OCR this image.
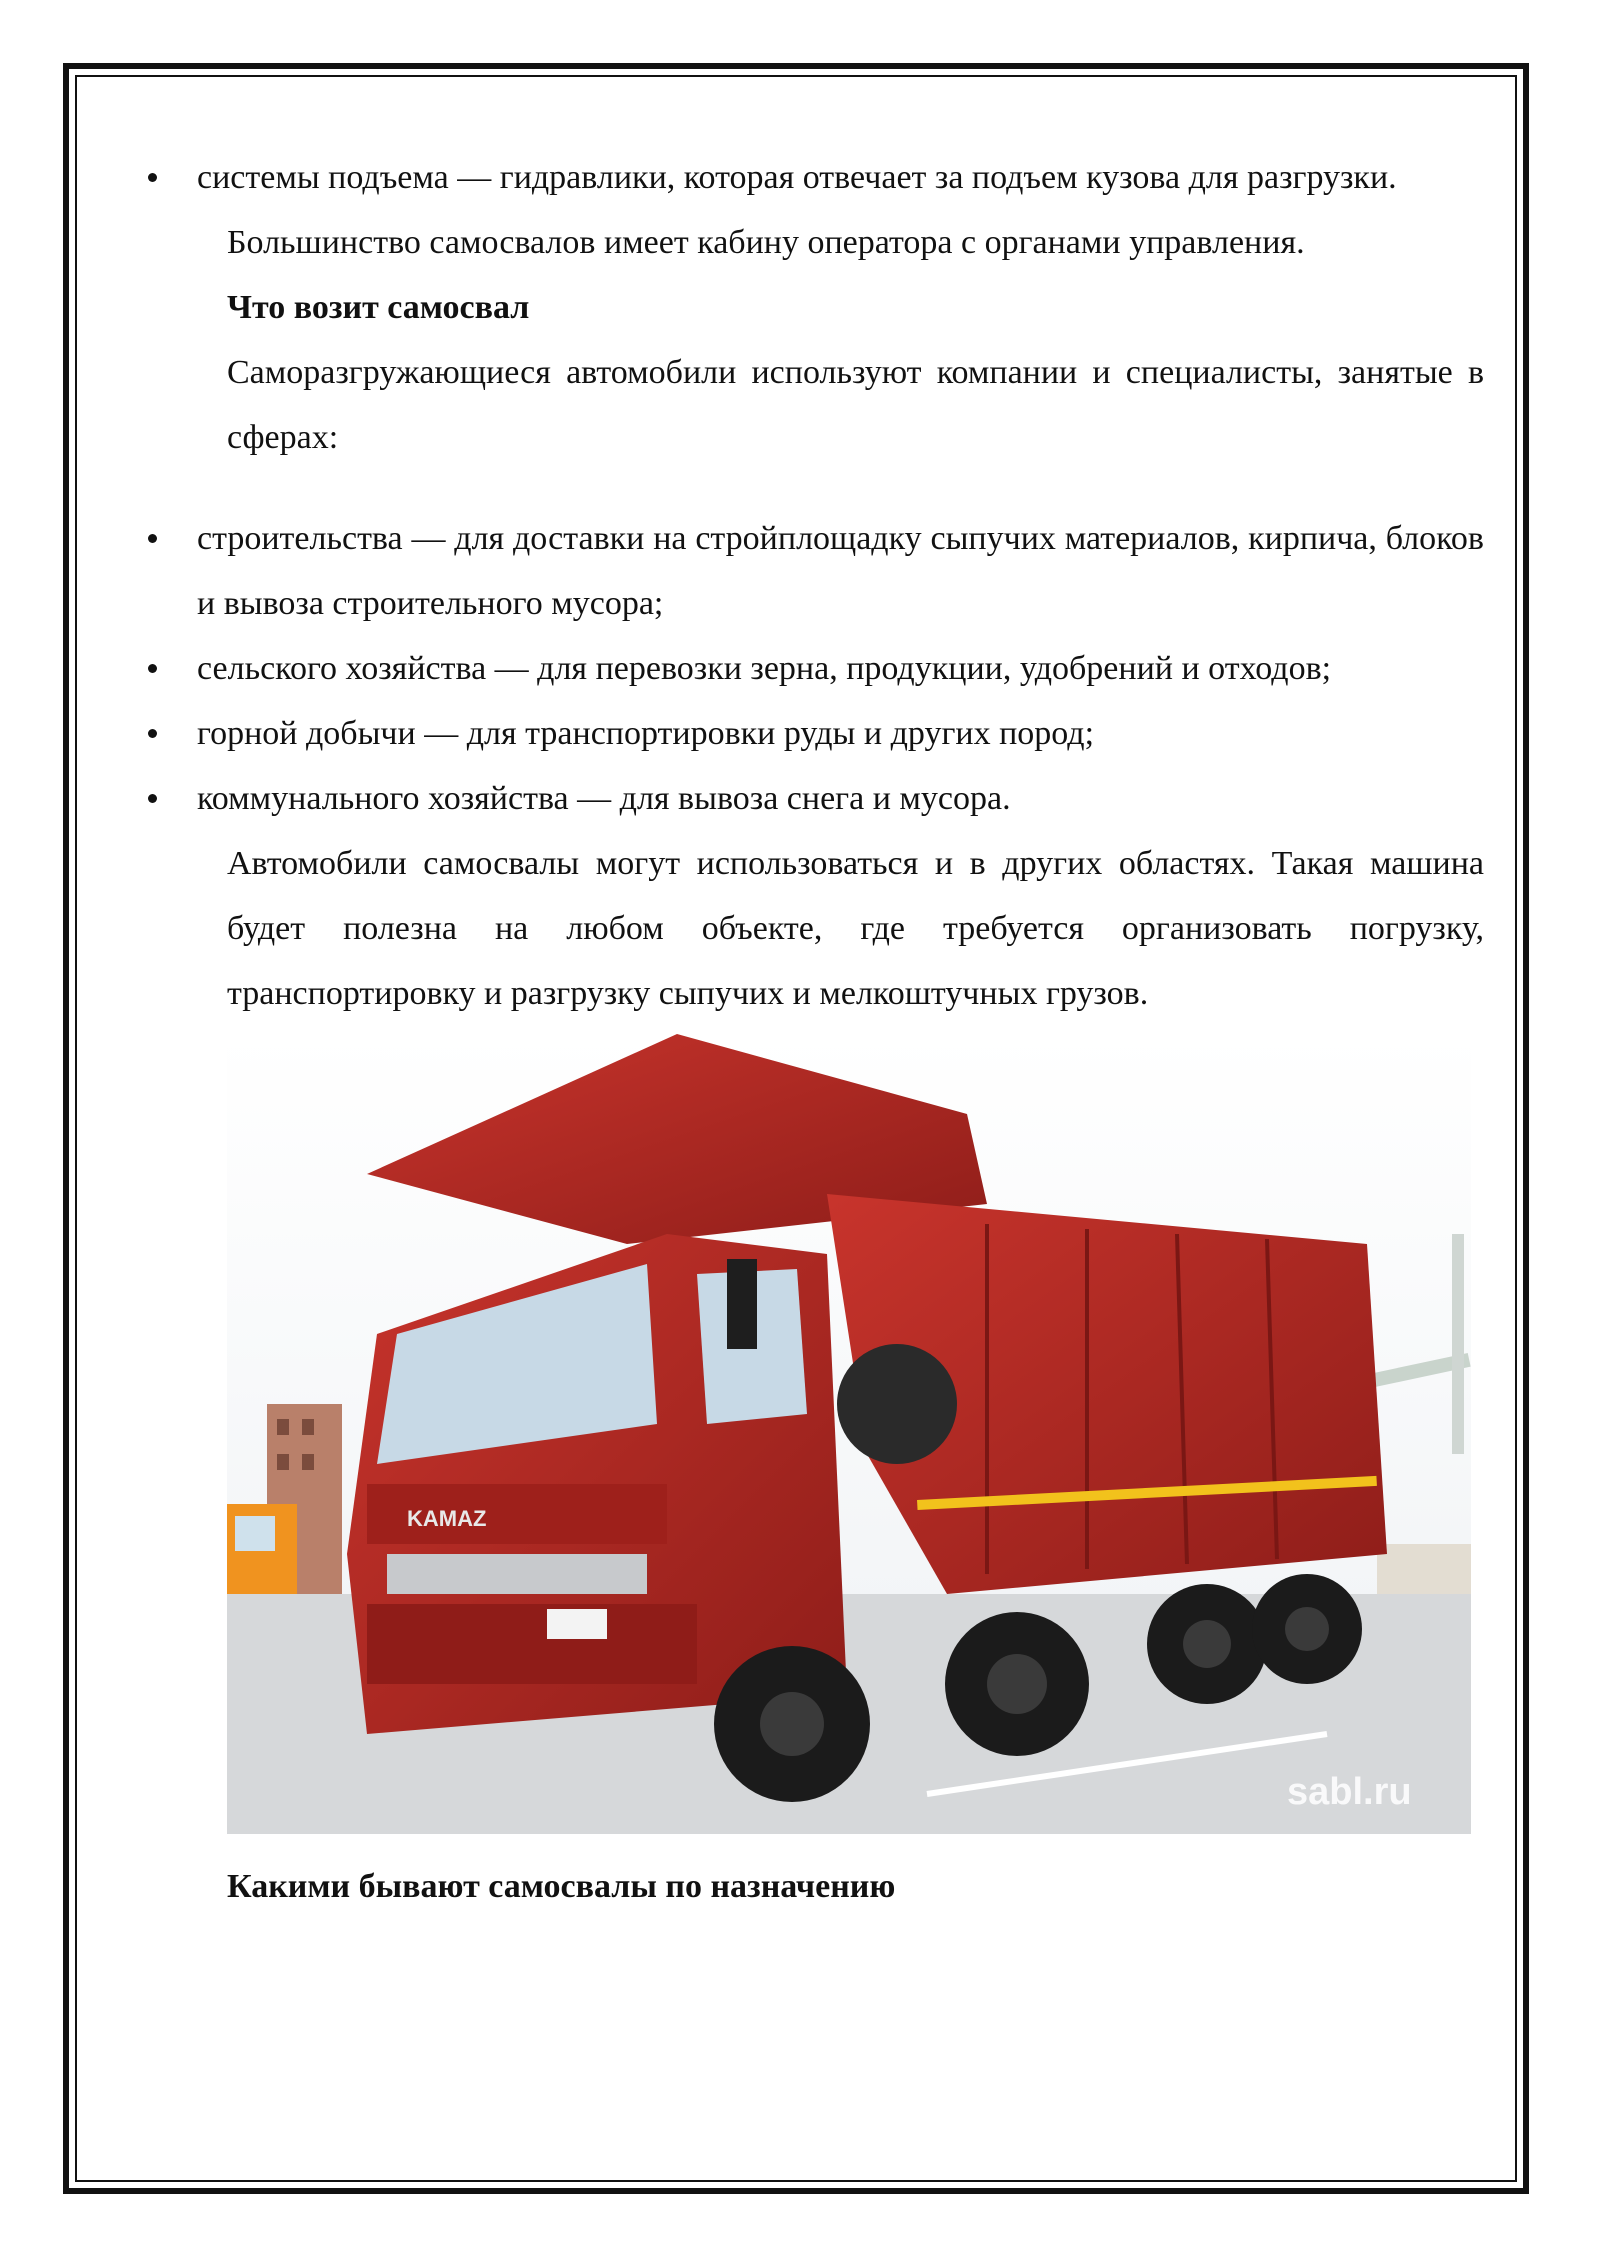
системы подъема — гидравлики, которая отвечает за подъем кузова для разгрузки.

Большинство самосвалов имеет кабину оператора с органами управления.

Что возит самосвал

Саморазгружающиеся автомобили используют компании и специалисты, занятые в сферах:

строительства — для доставки на стройплощадку сыпучих материалов, кирпича, блоков и вывоза строительного мусора;

сельского хозяйства — для перевозки зерна, продукции, удобрений и отходов;

горной добычи — для транспортировки руды и других пород;

коммунального хозяйства — для вывоза снега и мусора.

Автомобили самосвалы могут использоваться и в других областях. Такая машина будет полезна на любом объекте, где требуется организовать погрузку, транспортировку и разгрузку сыпучих и мелкоштучных грузов.

KAMAZ
sabl.ru

Какими бывают самосвалы по назначению
